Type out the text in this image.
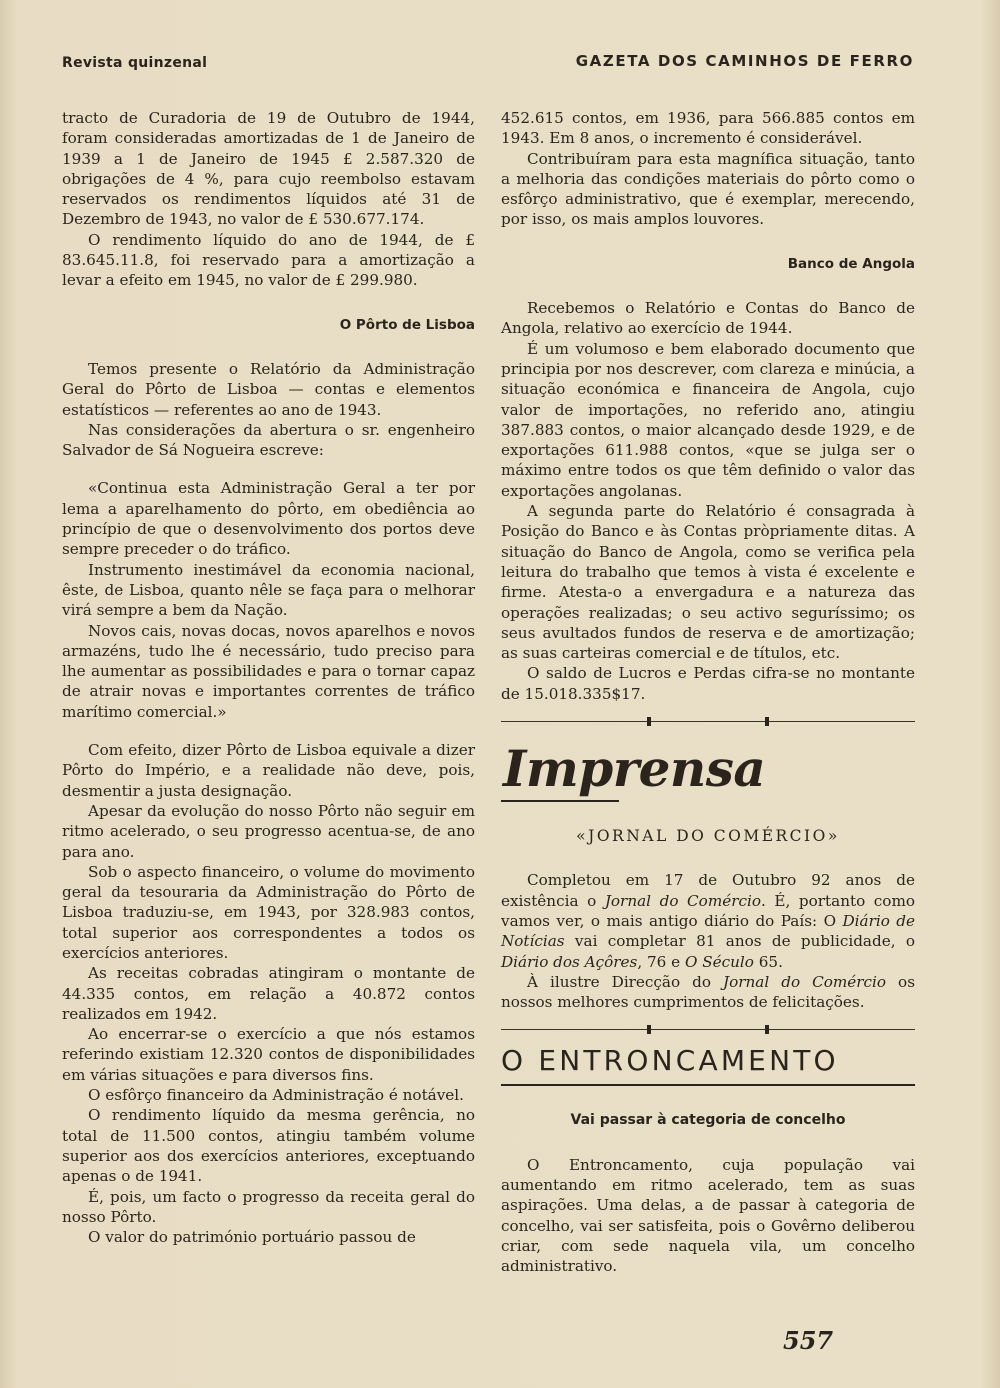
Revista quinzenal	GAZETA DOS CAMINHOS DE FERRO

tracto de Curadoria de 19 de Outubro de 1944, foram consideradas amortizadas de 1 de Janeiro de 1939 a 1 de Janeiro de 1945 £ 2.587.320 de obrigações de 4 %, para cujo reembolso estavam reservados os rendimentos líquidos até 31 de Dezembro de 1943, no valor de £ 530.677.174.

O rendimento líquido do ano de 1944, de £ 83.645.11.8, foi reservado para a amortização a levar a efeito em 1945, no valor de £ 299.980.

O Pôrto de Lisboa

Temos presente o Relatório da Administração Geral do Pôrto de Lisboa — contas e elementos estatísticos — referentes ao ano de 1943.

Nas considerações da abertura o sr. engenheiro Salvador de Sá Nogueira escreve:

«Continua esta Administração Geral a ter por lema a aparelhamento do pôrto, em obediência ao princípio de que o desenvolvimento dos portos deve sempre preceder o do tráfico.

Instrumento inestimável da economia nacional, êste, de Lisboa, quanto nêle se faça para o melhorar virá sempre a bem da Nação.

Novos cais, novas docas, novos aparelhos e novos armazéns, tudo lhe é necessário, tudo preciso para lhe aumentar as possibilidades e para o tornar capaz de atrair novas e importantes correntes de tráfico marítimo comercial.»

Com efeito, dizer Pôrto de Lisboa equivale a dizer Pôrto do Império, e a realidade não deve, pois, desmentir a justa designação.

Apesar da evolução do nosso Pôrto não seguir em ritmo acelerado, o seu progresso acentua-se, de ano para ano.

Sob o aspecto financeiro, o volume do movimento geral da tesouraria da Administração do Pôrto de Lisboa traduziu-se, em 1943, por 328.983 contos, total superior aos correspondentes a todos os exercícios anteriores.

As receitas cobradas atingiram o montante de 44.335 contos, em relação a 40.872 contos realizados em 1942.

Ao encerrar-se o exercício a que nós estamos referindo existiam 12.320 contos de disponibilidades em várias situações e para diversos fins.

O esfôrço financeiro da Administração é notável.

O rendimento líquido da mesma gerência, no total de 11.500 contos, atingiu também volume superior aos dos exercícios anteriores, exceptuando apenas o de 1941.

É, pois, um facto o progresso da receita geral do nosso Pôrto.

O valor do património portuário passou de

452.615 contos, em 1936, para 566.885 contos em 1943. Em 8 anos, o incremento é considerável.

Contribuíram para esta magnífica situação, tanto a melhoria das condições materiais do pôrto como o esfôrço administrativo, que é exemplar, merecendo, por isso, os mais amplos louvores.

Banco de Angola

Recebemos o Relatório e Contas do Banco de Angola, relativo ao exercício de 1944.

É um volumoso e bem elaborado documento que principia por nos descrever, com clareza e minúcia, a situação económica e financeira de Angola, cujo valor de importações, no referido ano, atingiu 387.883 contos, o maior alcançado desde 1929, e de exportações 611.988 contos, «que se julga ser o máximo entre todos os que têm definido o valor das exportações angolanas.

A segunda parte do Relatório é consagrada à Posição do Banco e às Contas pròpriamente ditas. A situação do Banco de Angola, como se verifica pela leitura do trabalho que temos à vista é excelente e firme. Atesta-o a envergadura e a natureza das operações realizadas; o seu activo seguríssimo; os seus avultados fundos de reserva e de amortização; as suas carteiras comercial e de títulos, etc.

O saldo de Lucros e Perdas cifra-se no montante de 15.018.335$17.

Imprensa
«JORNAL DO COMÉRCIO»

Completou em 17 de Outubro 92 anos de existência o Jornal do Comércio. É, portanto como vamos ver, o mais antigo diário do País: O Diário de Notícias vai completar 81 anos de publicidade, o Diário dos Açôres, 76 e O Século 65.

À ilustre Direcção do Jornal do Comércio os nossos melhores cumprimentos de felicitações.

O ENTRONCAMENTO
Vai passar à categoria de concelho

O Entroncamento, cuja população vai aumentando em ritmo acelerado, tem as suas aspirações. Uma delas, a de passar à categoria de concelho, vai ser satisfeita, pois o Govêrno deliberou criar, com sede naquela vila, um concelho administrativo.

557
